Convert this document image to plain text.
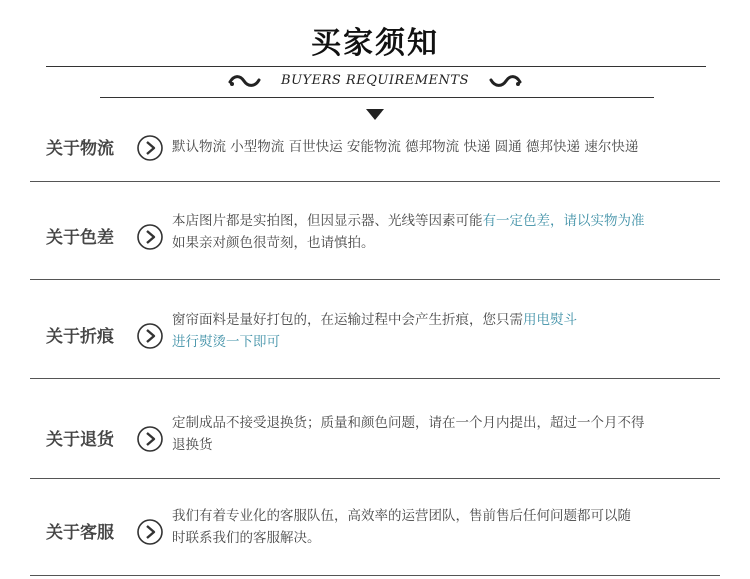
买家须知
BUYERS REQUIREMENTS
关于物流	默认物流 小型物流 百世快运 安能物流 德邦物流 快递 圆通 德邦快递 速尔快递
关于色差
本店图片都是实拍图，但因显示器、光线等因素可能有一定色差，请以实物为准
如果亲对颜色很苛刻，也请慎拍。
关于折痕
窗帘面料是量好打包的，在运输过程中会产生折痕，您只需用电熨斗
进行熨烫一下即可
关于退货
定制成品不接受退换货；质量和颜色问题，请在一个月内提出，超过一个月不得
退换货
关于客服
我们有着专业化的客服队伍，高效率的运营团队，售前售后任何问题都可以随
时联系我们的客服解决。
